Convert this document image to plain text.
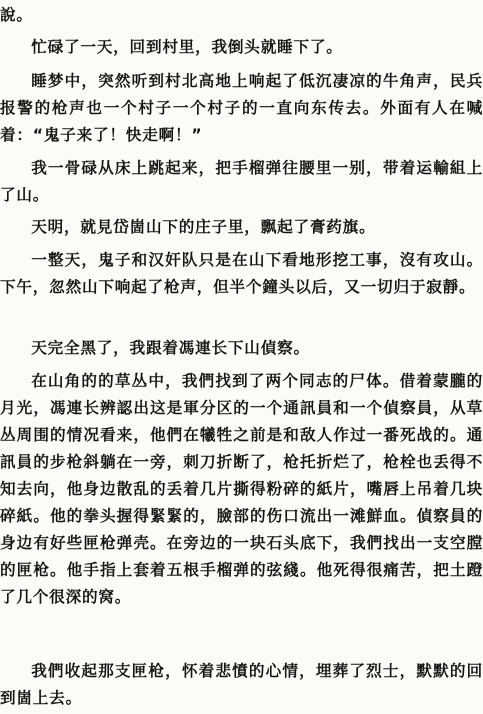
說。
忙碌了一天，回到村里，我倒头就睡下了。
睡梦中，突然听到村北高地上响起了低沉凄凉的牛角声，民兵报警的枪声也一个村子一个村子的一直向东传去。外面有人在喊着：“鬼子来了！快走啊！”
我一骨碌从床上跳起来，把手榴弹往腰里一别，带着运輸組上了山。
天明，就見岱崮山下的庄子里，飘起了膏药旗。
一整天，鬼子和汉奸队只是在山下看地形挖工事，沒有攻山。下午，忽然山下响起了枪声，但半个鐘头以后，又一切归于寂靜。
天完全黑了，我跟着馮連长下山偵察。
在山角的的草丛中，我們找到了两个同志的尸体。借着蒙朧的月光，馮連长辨認出这是軍分区的一个通訊員和一个偵察員，从草丛周围的情况看来，他們在犧牲之前是和敌人作过一番死战的。通訊員的步枪斜躺在一旁，刺刀折断了，枪托折烂了，枪栓也丢得不知去向，他身边散乱的丢着几片撕得粉碎的紙片，嘴唇上吊着几块碎紙。他的拳头握得緊緊的，臉部的伤口流出一滩鮮血。偵察員的身边有好些匣枪弹壳。在旁边的一块石头底下，我們找出一支空膛的匣枪。他手指上套着五根手榴弹的弦綫。他死得很痛苦，把土蹬了几个很深的窝。
我們收起那支匣枪，怀着悲憤的心情，埋葬了烈士，默默的回到崮上去。
